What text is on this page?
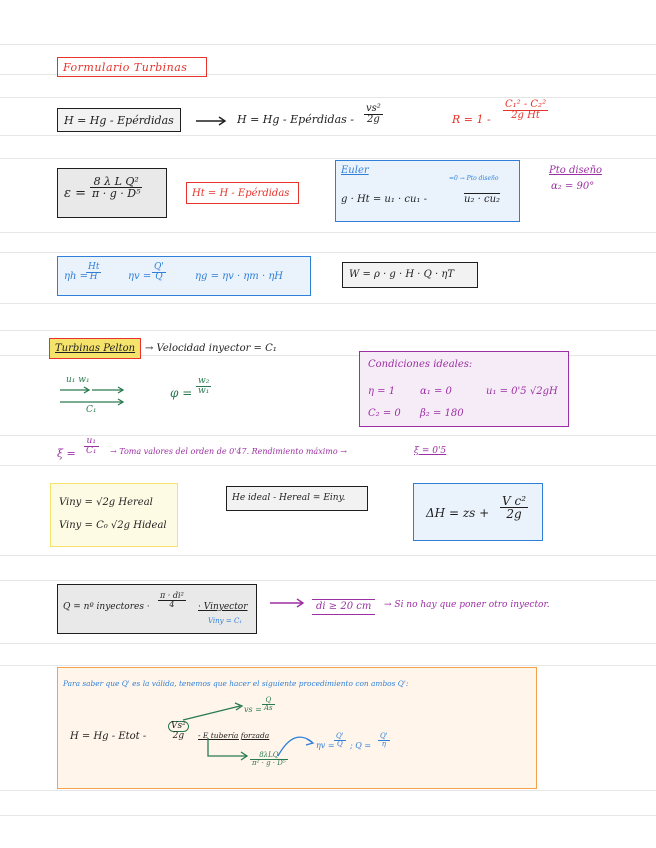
Formulario Turbinas
H = Hg - Epérdidas	H = Hg - Epérdidas - $\frac{\text{vs²}}{2g}$	$R = 1 - \frac{\text{C₁² - C₂²}}{\text{2g Ht}}$
$\varepsilon = \frac{\text{8 λ L Q²}}{\text{π · g · D⁵}}$	Ht = H - Epérdidas
Euler
=0 → Pto diseño
g · Ht = u₁ · cu₁ -	u₂ · cu₂
Pto diseño
α₂ = 90°
ηh =
$\frac{Ht}{H}$	$\eta v = \frac{Q'}{Q}$	ηg = ηv · ηm · ηH	W = ρ · g · H · Q · ηT
Turbinas Pelton → Velocidad inyector = C₁
Condiciones ideales:
η = 1 α₁ = 0	u₁ = 0'5 √2gH
C₂ = 0 β₂ = 180
u₁ w₁
C₁
$\varphi = \frac{\text{w₂}}{\text{w₁}}$
$\xi = \frac{\text{u₁}}{\text{C₁}}$ → Toma valores del orden de 0'47. Rendimiento máximo →	ξ = 0'5
Viny = √2g Hereal
Viny = C₀ √2g Hideal
He ideal - Hereal = Einy.
ΔH = zs + $\frac{\text{V c²}}{2g}$
Q = nº inyectores · $\frac{\text{π · di²}}{4}$ · Vinyector
Viny = C₁
di ≥ 20 cm	→ Si no hay que poner otro inyector.
Para saber que Q' es la válida, tenemos que hacer el siguiente procedimiento con ambos Q':
H = Hg - Etot - $\frac{\text{Vs²}}{2g}$ - E tubería forzada
vs = $\frac{Q}{As}$
8λLQ
π² · g · D⁵
$\eta v = \frac{Q'}{Q}$ ; $Q = \frac{Q'}{\eta}$
